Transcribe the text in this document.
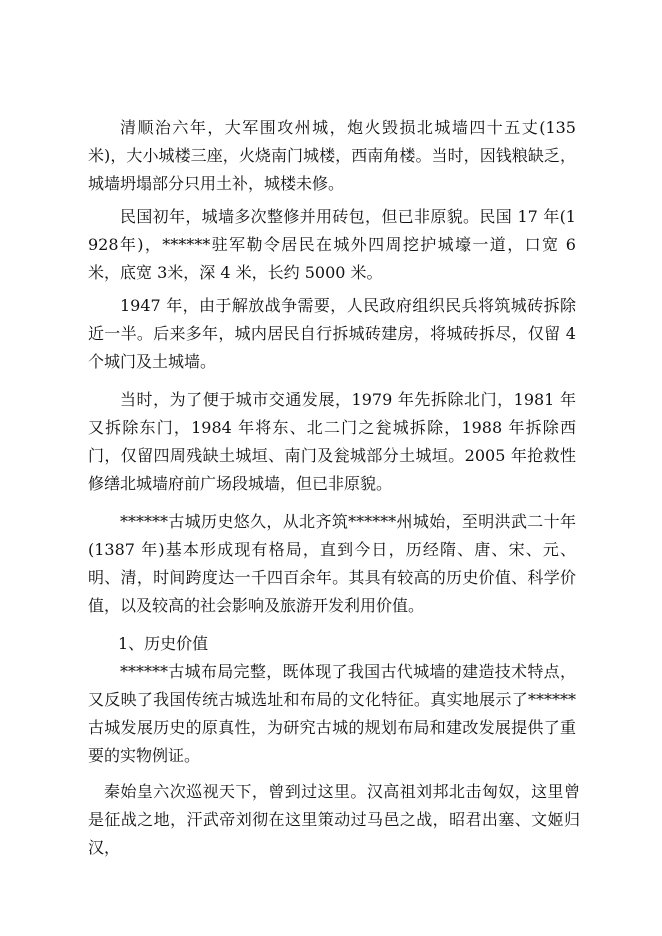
清顺治六年，大军围攻州城，炮火毁损北城墙四十五丈(135米)，大小城楼三座，火烧南门城楼，西南角楼。当时，因钱粮缺乏，城墙坍塌部分只用土补，城楼未修。

民国初年，城墙多次整修并用砖包，但已非原貌。民国 17 年(1928年)，******驻军勒令居民在城外四周挖护城壕一道，口宽 6 米，底宽 3米，深 4 米，长约 5000 米。

1947 年，由于解放战争需要，人民政府组织民兵将筑城砖拆除近一半。后来多年，城内居民自行拆城砖建房，将城砖拆尽，仅留 4 个城门及土城墙。

当时，为了便于城市交通发展，1979 年先拆除北门，1981 年又拆除东门，1984 年将东、北二门之瓮城拆除，1988 年拆除西门，仅留四周残缺土城垣、南门及瓮城部分土城垣。2005 年抢救性修缮北城墙府前广场段城墙，但已非原貌。

******古城历史悠久，从北齐筑******州城始，至明洪武二十年(1387 年)基本形成现有格局，直到今日，历经隋、唐、宋、元、明、清，时间跨度达一千四百余年。其具有较高的历史价值、科学价值，以及较高的社会影响及旅游开发利用价值。

1、历史价值

******古城布局完整，既体现了我国古代城墙的建造技术特点，又反映了我国传统古城选址和布局的文化特征。真实地展示了******古城发展历史的原真性，为研究古城的规划布局和建改发展提供了重要的实物例证。

秦始皇六次巡视天下，曾到过这里。汉高祖刘邦北击匈奴，这里曾是征战之地，汗武帝刘彻在这里策动过马邑之战，昭君出塞、文姬归汉，
